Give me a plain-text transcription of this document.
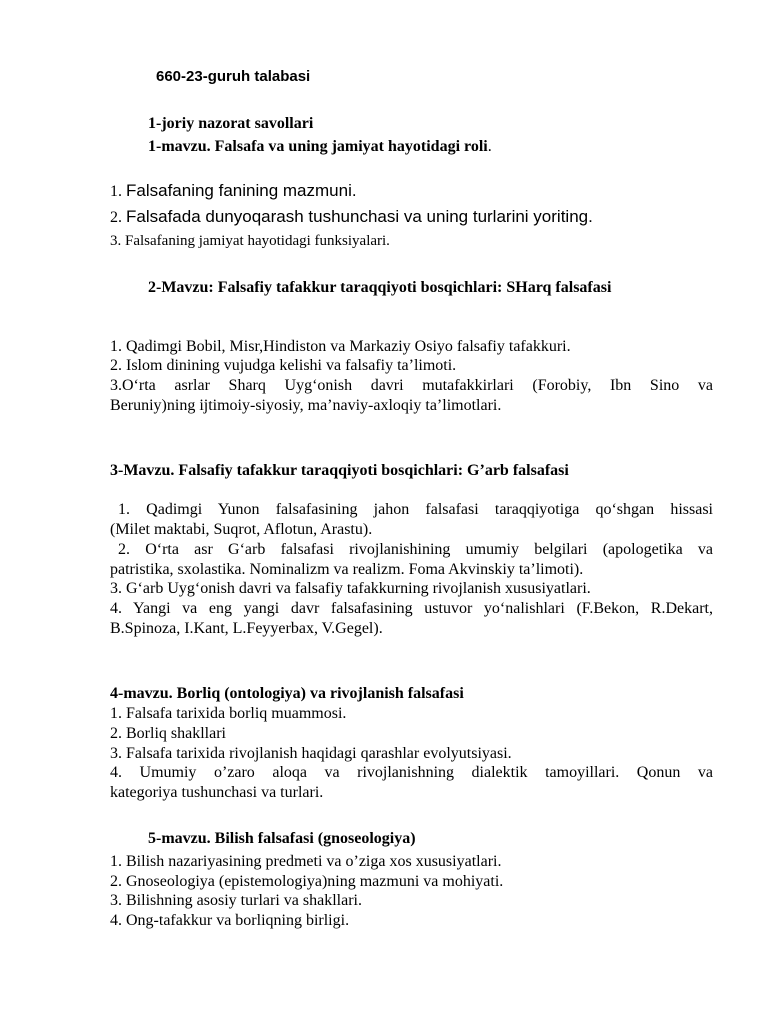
660-23-guruh talabasi
1-joriy nazorat savollari
1-mavzu. Falsafa va uning jamiyat hayotidagi roli.
1. Falsafaning fanining mazmuni.
2. Falsafada dunyoqarash tushunchasi va uning turlarini yoriting.
3. Falsafaning jamiyat hayotidagi funksiyalari.
2-Mavzu: Falsafiy tafakkur taraqqiyoti bosqichlari: SHarq falsafasi
1. Qadimgi Bobil, Misr,Hindiston va Markaziy Osiyo falsafiy tafakkuri.
2. Islom dinining vujudga kelishi va falsafiy ta’limoti.
3.O‘rta asrlar Sharq Uyg‘onish davri mutafakkirlari (Forobiy, Ibn Sino va
Beruniy)ning ijtimoiy-siyosiy, ma’naviy-axloqiy ta’limotlari.
3-Mavzu. Falsafiy tafakkur taraqqiyoti bosqichlari: G’arb falsafasi
1. Qadimgi Yunon falsafasining jahon falsafasi taraqqiyotiga qo‘shgan hissasi
(Milet maktabi, Suqrot, Aflotun, Arastu).
2. O‘rta asr G‘arb falsafasi rivojlanishining umumiy belgilari (apologetika va
patristika, sxolastika. Nominalizm va realizm. Foma Akvinskiy ta’limoti).
3. G‘arb Uyg‘onish davri va falsafiy tafakkurning rivojlanish xususiyatlari.
4. Yangi va eng yangi davr falsafasining ustuvor yo‘nalishlari (F.Bekon, R.Dekart,
B.Spinoza, I.Kant, L.Feyyerbax, V.Gegel).
4-mavzu. Borliq (ontologiya) va rivojlanish falsafasi
1. Falsafa tarixida borliq muammosi.
2. Borliq shakllari
3. Falsafa tarixida rivojlanish haqidagi qarashlar evolyutsiyasi.
4. Umumiy o’zaro aloqa va rivojlanishning dialektik tamoyillari. Qonun va
kategoriya tushunchasi va turlari.
5-mavzu. Bilish falsafasi (gnoseologiya)
1. Bilish nazariyasining predmeti va o’ziga xos xususiyatlari.
2. Gnoseologiya (epistemologiya)ning mazmuni va mohiyati.
3. Bilishning asosiy turlari va shakllari.
4. Ong-tafakkur va borliqning birligi.
